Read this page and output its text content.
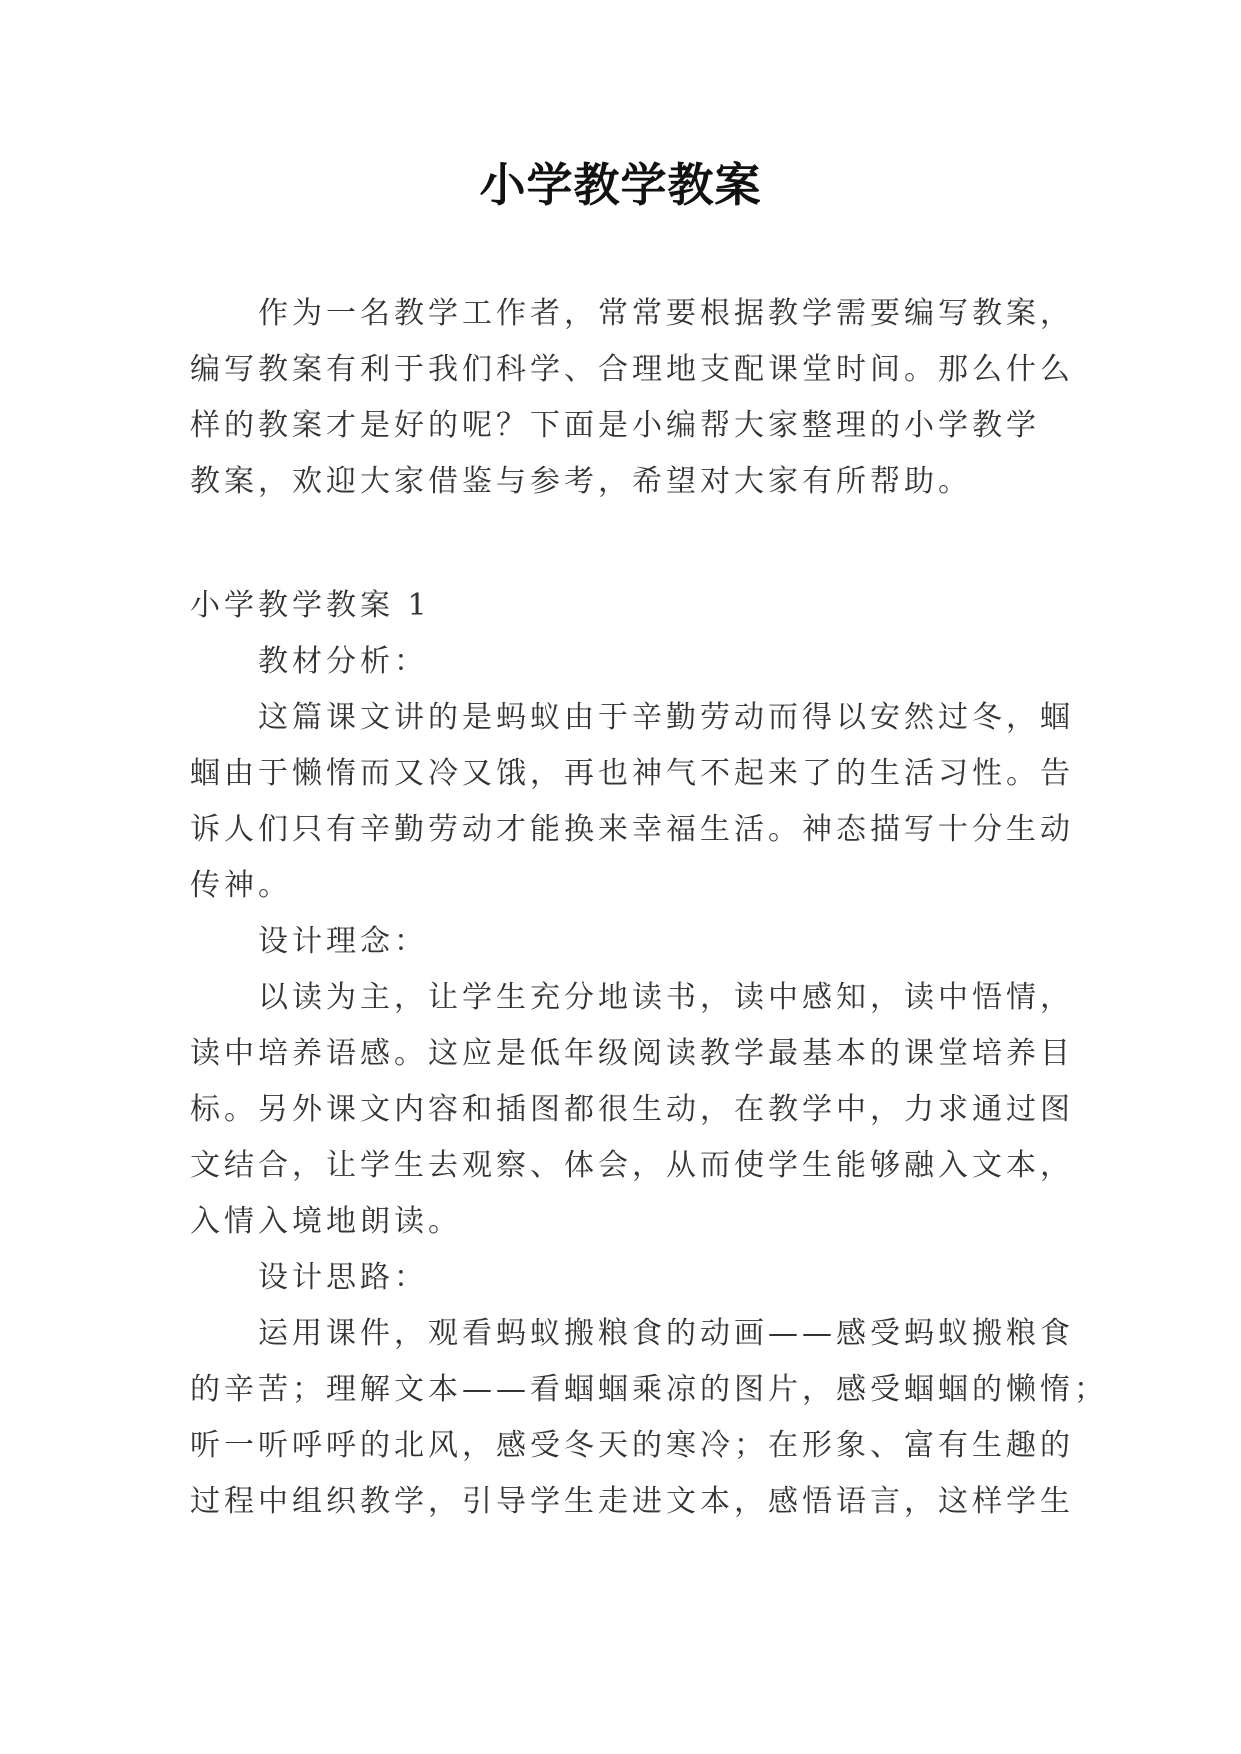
小学教学教案
作为一名教学工作者，常常要根据教学需要编写教案，
编写教案有利于我们科学、合理地支配课堂时间。那么什么
样的教案才是好的呢？下面是小编帮大家整理的小学教学
教案，欢迎大家借鉴与参考，希望对大家有所帮助。
小学教学教案 1
教材分析：
这篇课文讲的是蚂蚁由于辛勤劳动而得以安然过冬，蝈
蝈由于懒惰而又冷又饿，再也神气不起来了的生活习性。告
诉人们只有辛勤劳动才能换来幸福生活。神态描写十分生动
传神。
设计理念：
以读为主，让学生充分地读书，读中感知，读中悟情，
读中培养语感。这应是低年级阅读教学最基本的课堂培养目
标。另外课文内容和插图都很生动，在教学中，力求通过图
文结合，让学生去观察、体会，从而使学生能够融入文本，
入情入境地朗读。
设计思路：
运用课件，观看蚂蚁搬粮食的动画——感受蚂蚁搬粮食
的辛苦；理解文本——看蝈蝈乘凉的图片，感受蝈蝈的懒惰；
听一听呼呼的北风，感受冬天的寒冷；在形象、富有生趣的
过程中组织教学，引导学生走进文本，感悟语言，这样学生
